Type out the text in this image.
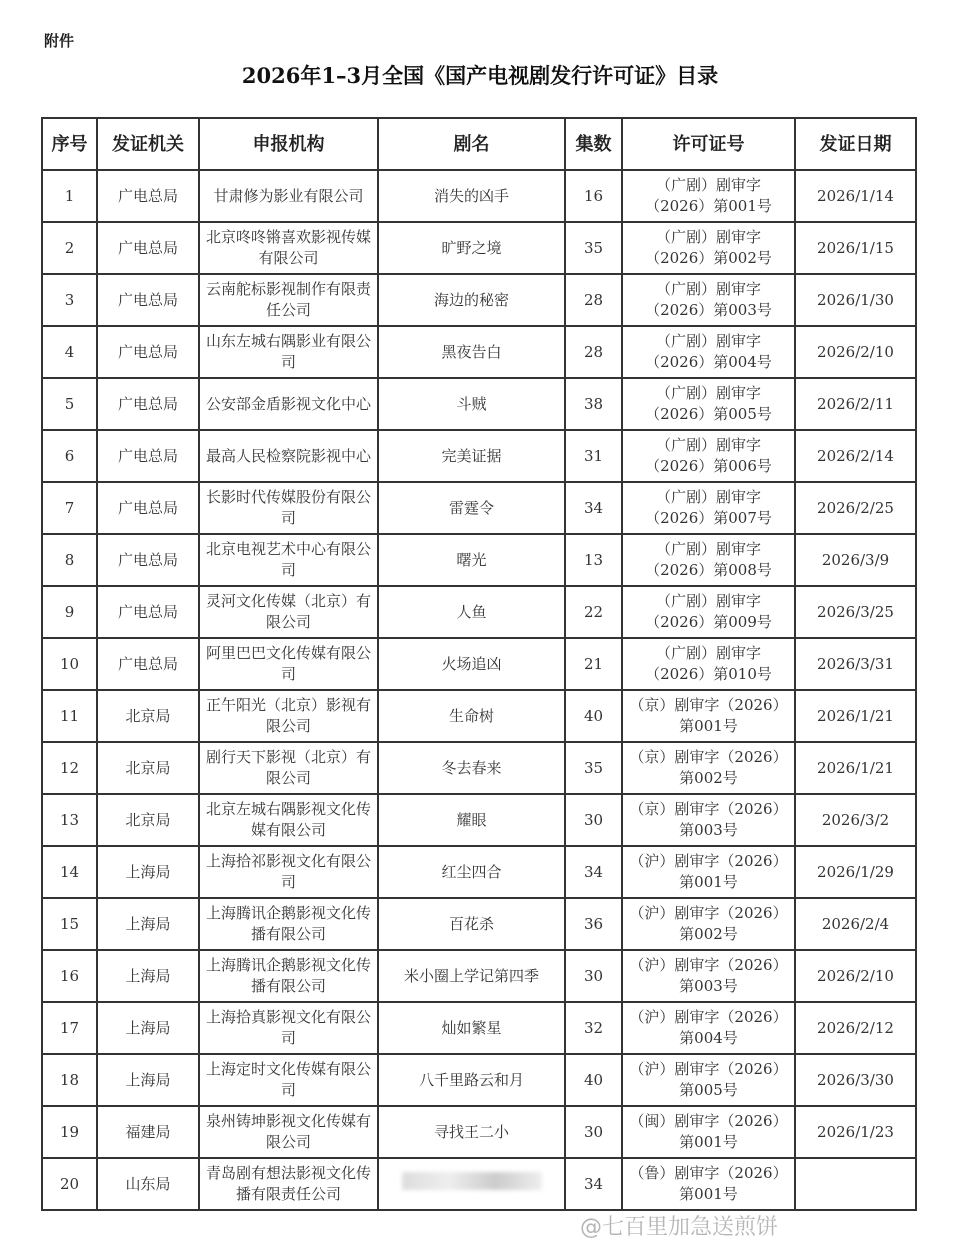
附件
2026年1–3月全国《国产电视剧发行许可证》目录
序号	发证机关	申报机构	剧名	集数	许可证号	发证日期
1	广电总局	甘肃修为影业有限公司	消失的凶手	16	（广剧）剧审字（2026）第001号	2026/1/14
2	广电总局	北京咚咚锵喜欢影视传媒有限公司	旷野之境	35	（广剧）剧审字（2026）第002号	2026/1/15
3	广电总局	云南舵标影视制作有限责任公司	海边的秘密	28	（广剧）剧审字（2026）第003号	2026/1/30
4	广电总局	山东左城右隅影业有限公司	黑夜告白	28	（广剧）剧审字（2026）第004号	2026/2/10
5	广电总局	公安部金盾影视文化中心	斗贼	38	（广剧）剧审字（2026）第005号	2026/2/11
6	广电总局	最高人民检察院影视中心	完美证据	31	（广剧）剧审字（2026）第006号	2026/2/14
7	广电总局	长影时代传媒股份有限公司	雷霆令	34	（广剧）剧审字（2026）第007号	2026/2/25
8	广电总局	北京电视艺术中心有限公司	曙光	13	（广剧）剧审字（2026）第008号	2026/3/9
9	广电总局	灵河文化传媒（北京）有限公司	人鱼	22	（广剧）剧审字（2026）第009号	2026/3/25
10	广电总局	阿里巴巴文化传媒有限公司	火场追凶	21	（广剧）剧审字（2026）第010号	2026/3/31
11	北京局	正午阳光（北京）影视有限公司	生命树	40	（京）剧审字（2026）第001号	2026/1/21
12	北京局	剧行天下影视（北京）有限公司	冬去春来	35	（京）剧审字（2026）第002号	2026/1/21
13	北京局	北京左城右隅影视文化传媒有限公司	耀眼	30	（京）剧审字（2026）第003号	2026/3/2
14	上海局	上海拾祁影视文化有限公司	红尘四合	34	（沪）剧审字（2026）第001号	2026/1/29
15	上海局	上海腾讯企鹅影视文化传播有限公司	百花杀	36	（沪）剧审字（2026）第002号	2026/2/4
16	上海局	上海腾讯企鹅影视文化传播有限公司	米小圈上学记第四季	30	（沪）剧审字（2026）第003号	2026/2/10
17	上海局	上海拾真影视文化有限公司	灿如繁星	32	（沪）剧审字（2026）第004号	2026/2/12
18	上海局	上海定时文化传媒有限公司	八千里路云和月	40	（沪）剧审字（2026）第005号	2026/3/30
19	福建局	泉州铸坤影视文化传媒有限公司	寻找王二小	30	（闽）剧审字（2026）第001号	2026/1/23
20	山东局	青岛剧有想法影视文化传播有限责任公司		34	（鲁）剧审字（2026）第001号	
@七百里加急送煎饼
